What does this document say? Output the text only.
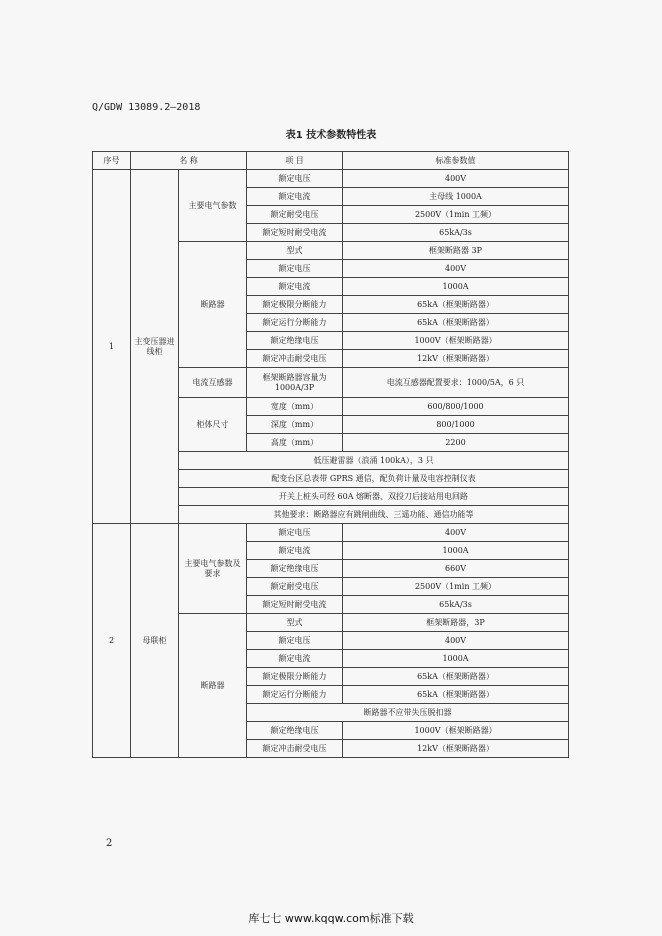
Q/GDW 13089.2—2018
表1 技术参数特性表
序号	名 称		项 目	标准参数值
1	主变压器进线柜	主要电气参数	额定电压	400V
			额定电流	主母线 1000A
			额定耐受电压	2500V（1min 工频）
			额定短时耐受电流	65kA/3s
		断路器	型式	框架断路器 3P
			额定电压	400V
			额定电流	1000A
			额定极限分断能力	65kA（框架断路器）
			额定运行分断能力	65kA（框架断路器）
			额定绝缘电压	1000V（框架断路器）
			额定冲击耐受电压	12kV（框架断路器）
		电流互感器	框架断路器容量为1000A/3P	电流互感器配置要求：1000/5A，6 只
		柜体尺寸	宽度（mm）	600/800/1000
			深度（mm）	800/1000
			高度（mm）	2200
		低压避雷器（浪涌 100kA），3 只		
		配变台区总表带 GPRS 通信，配负荷计量及电容控制仪表		
		开关上桩头可经 60A 熔断器、双投刀后接站用电回路		
		其他要求：断路器应有跳闸曲线、三遥功能、通信功能等		
2	母联柜	主要电气参数及要求	额定电压	400V
			额定电流	1000A
			额定绝缘电压	660V
			额定耐受电压	2500V（1min 工频）
			额定短时耐受电流	65kA/3s
		断路器	型式	框架断路器，3P
			额定电压	400V
			额定电流	1000A
			额定极限分断能力	65kA（框架断路器）
			额定运行分断能力	65kA（框架断路器）
			断路器不应带失压脱扣器	
			额定绝缘电压	1000V（框架断路器）
			额定冲击耐受电压	12kV（框架断路器）
2
库七七 www.kqqw.com标准下载
